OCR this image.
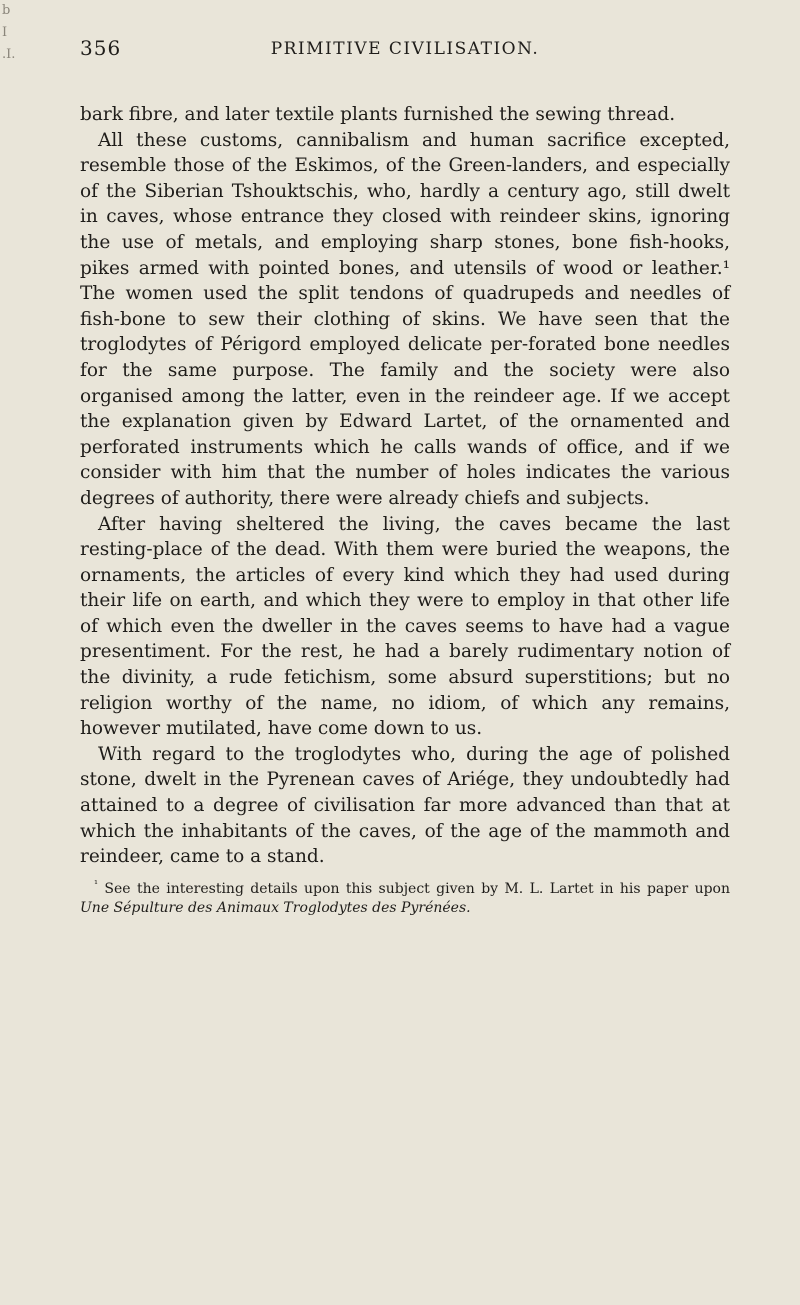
b
I
.I.	356	PRIMITIVE CIVILISATION.

bark fibre, and later textile plants furnished the sewing thread.

All these customs, cannibalism and human sacrifice excepted, resemble those of the Eskimos, of the Green-landers, and especially of the Siberian Tshouktschis, who, hardly a century ago, still dwelt in caves, whose entrance they closed with reindeer skins, ignoring the use of metals, and employing sharp stones, bone fish-hooks, pikes armed with pointed bones, and utensils of wood or leather.¹ The women used the split tendons of quadrupeds and needles of fish-bone to sew their clothing of skins. We have seen that the troglodytes of Périgord employed delicate per-forated bone needles for the same purpose. The family and the society were also organised among the latter, even in the reindeer age. If we accept the explanation given by Edward Lartet, of the ornamented and perforated instruments which he calls wands of office, and if we consider with him that the number of holes indicates the various degrees of authority, there were already chiefs and subjects.

After having sheltered the living, the caves became the last resting-place of the dead. With them were buried the weapons, the ornaments, the articles of every kind which they had used during their life on earth, and which they were to employ in that other life of which even the dweller in the caves seems to have had a vague presentiment. For the rest, he had a barely rudimentary notion of the divinity, a rude fetichism, some absurd superstitions; but no religion worthy of the name, no idiom, of which any remains, however mutilated, have come down to us.

With regard to the troglodytes who, during the age of polished stone, dwelt in the Pyrenean caves of Ariége, they undoubtedly had attained to a degree of civilisation far more advanced than that at which the inhabitants of the caves, of the age of the mammoth and reindeer, came to a stand.

$^{^1}$ See the interesting details upon this subject given by M. L. Lartet in his paper upon Une Sépulture des Animaux Troglodytes des Pyrénées.
